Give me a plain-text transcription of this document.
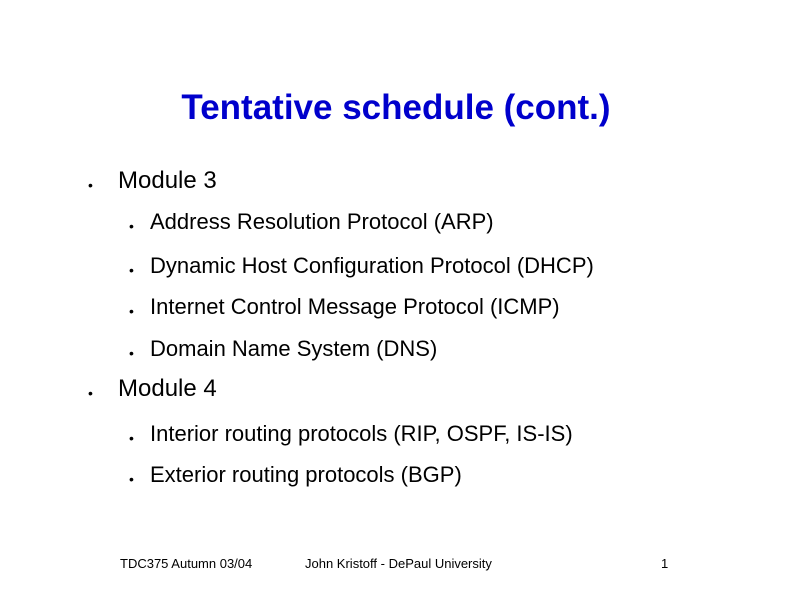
Tentative schedule (cont.)
• Module 3
• Address Resolution Protocol (ARP)
• Dynamic Host Configuration Protocol (DHCP)
• Internet Control Message Protocol (ICMP)
• Domain Name System (DNS)
• Module 4
• Interior routing protocols (RIP, OSPF, IS-IS)
• Exterior routing protocols (BGP)
TDC375 Autumn 03/04	John Kristoff - DePaul University	1
